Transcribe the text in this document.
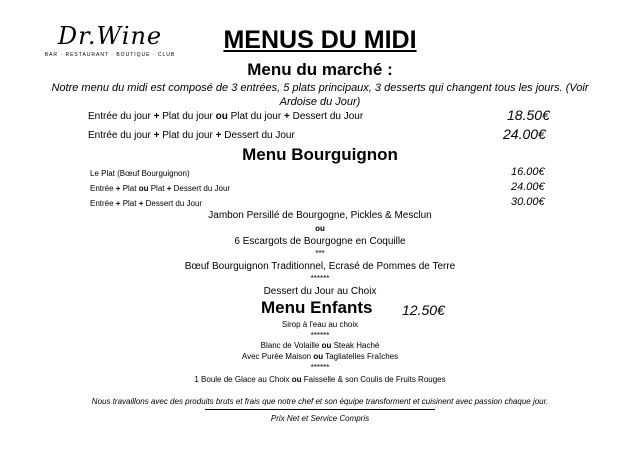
Dr.Wine
BAR · RESTAURANT · BOUTIQUE · CLUB
MENUS DU MIDI
Menu du marché :
Notre menu du midi est composé de 3 entrées, 5 plats principaux, 3 desserts qui changent tous les jours. (Voir
Ardoise du Jour)
Entrée du jour + Plat du jour ou Plat du jour + Dessert du Jour	18.50€
Entrée du jour + Plat du jour + Dessert du Jour	24.00€
Menu Bourguignon
Le Plat (Bœuf Bourguignon)	16.00€
Entrée + Plat ou Plat + Dessert du Jour	24.00€
Entrée + Plat + Dessert du Jour	30.00€
Jambon Persillé de Bourgogne, Pickles & Mesclun
ou
6 Escargots de Bourgogne en Coquille
***
Bœuf Bourguignon Traditionnel, Ecrasé de Pommes de Terre
******
Dessert du Jour au Choix
Menu Enfants 12.50€
Sirop à l'eau au choix
******
Blanc de Volaille ou Steak Haché
Avec Purée Maison ou Tagliatelles Fraîches
******
1 Boule de Glace au Choix ou Faisselle & son Coulis de Fruits Rouges
Nous travaillons avec des produits bruts et frais que notre chef et son équipe transforment et cuisinent avec passion chaque jour.
Prix Net et Service Compris
